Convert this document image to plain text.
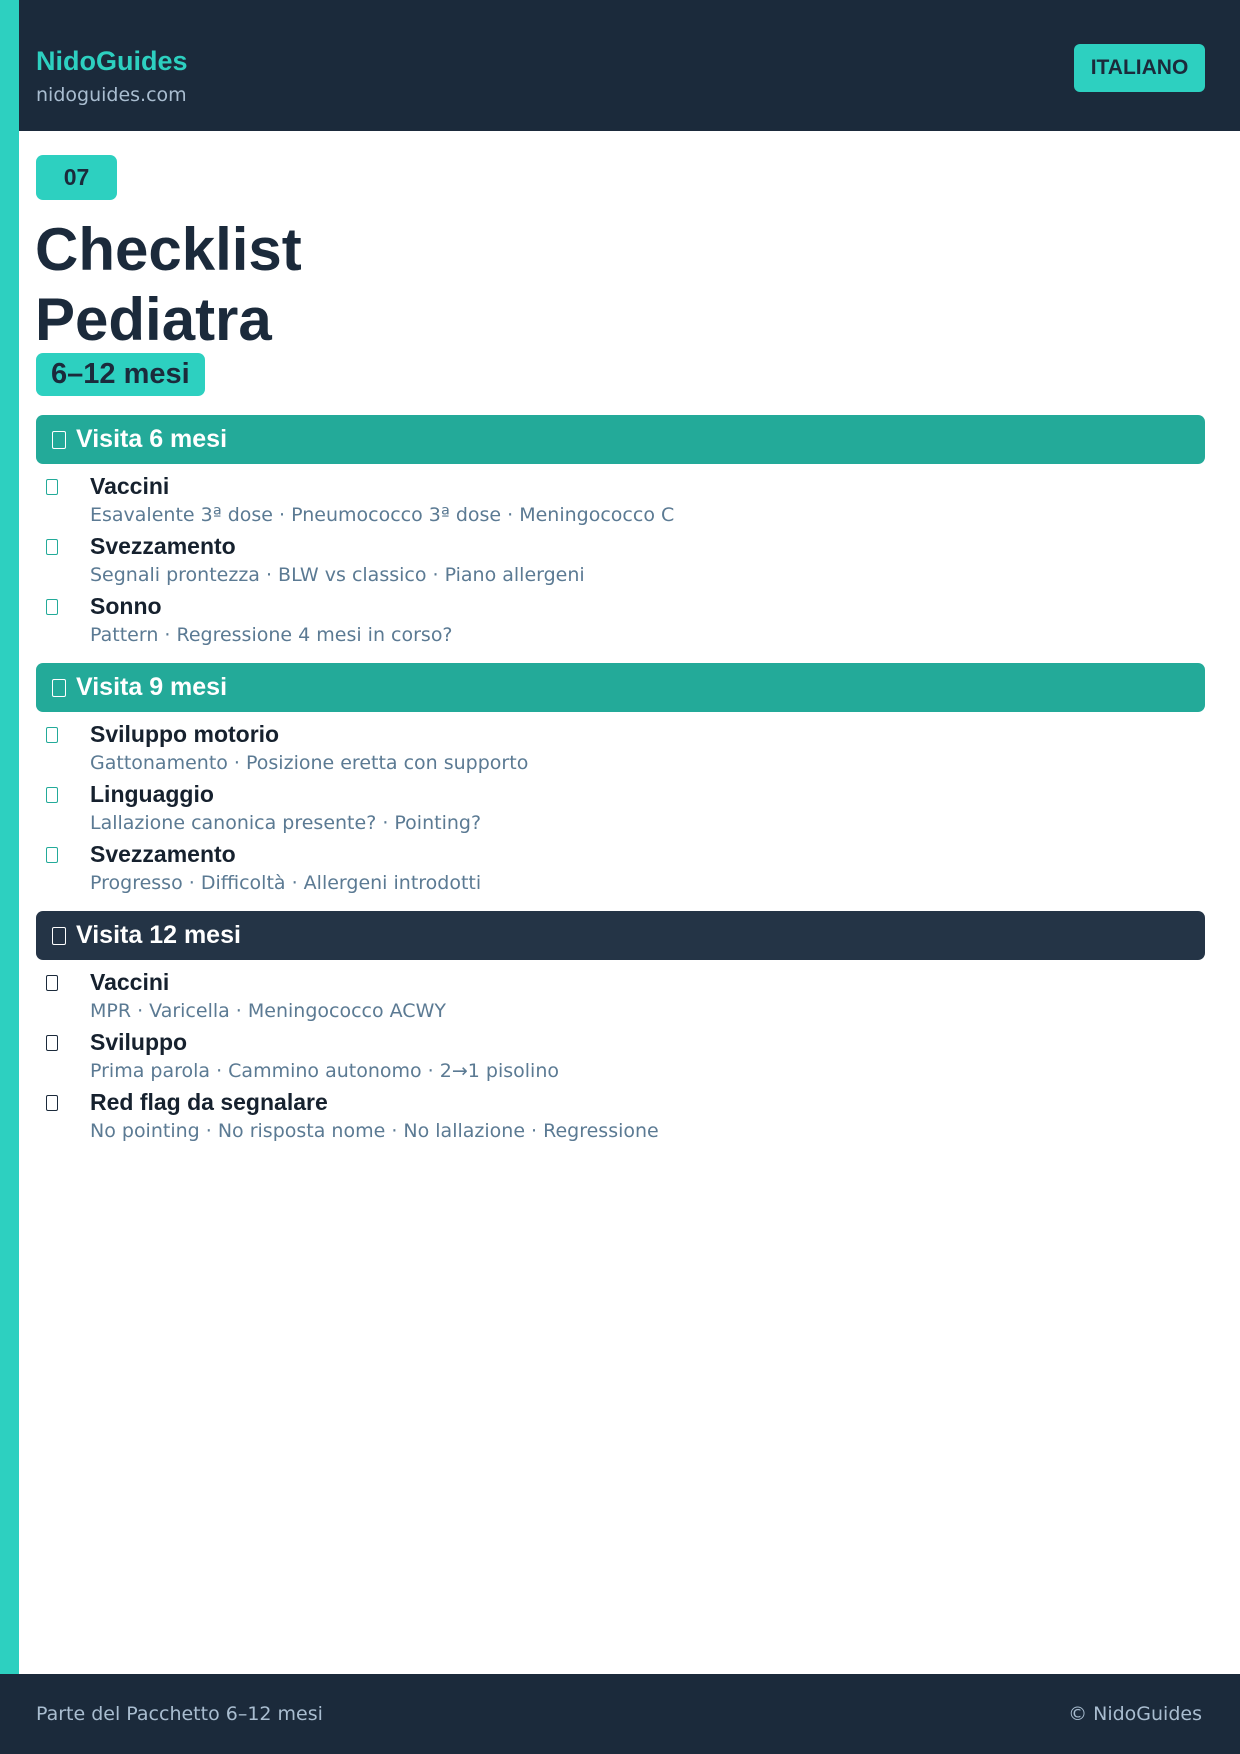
NidoGuides
nidoguides.com
ITALIANO
07
Checklist
Pediatra
6–12 mesi
Visita 6 mesi
Vaccini
Esavalente 3ª dose · Pneumococco 3ª dose · Meningococco C
Svezzamento
Segnali prontezza · BLW vs classico · Piano allergeni
Sonno
Pattern · Regressione 4 mesi in corso?
Visita 9 mesi
Sviluppo motorio
Gattonamento · Posizione eretta con supporto
Linguaggio
Lallazione canonica presente? · Pointing?
Svezzamento
Progresso · Difficoltà · Allergeni introdotti
Visita 12 mesi
Vaccini
MPR · Varicella · Meningococco ACWY
Sviluppo
Prima parola · Cammino autonomo · 2→1 pisolino
Red flag da segnalare
No pointing · No risposta nome · No lallazione · Regressione
Parte del Pacchetto 6–12 mesi	© NidoGuides
